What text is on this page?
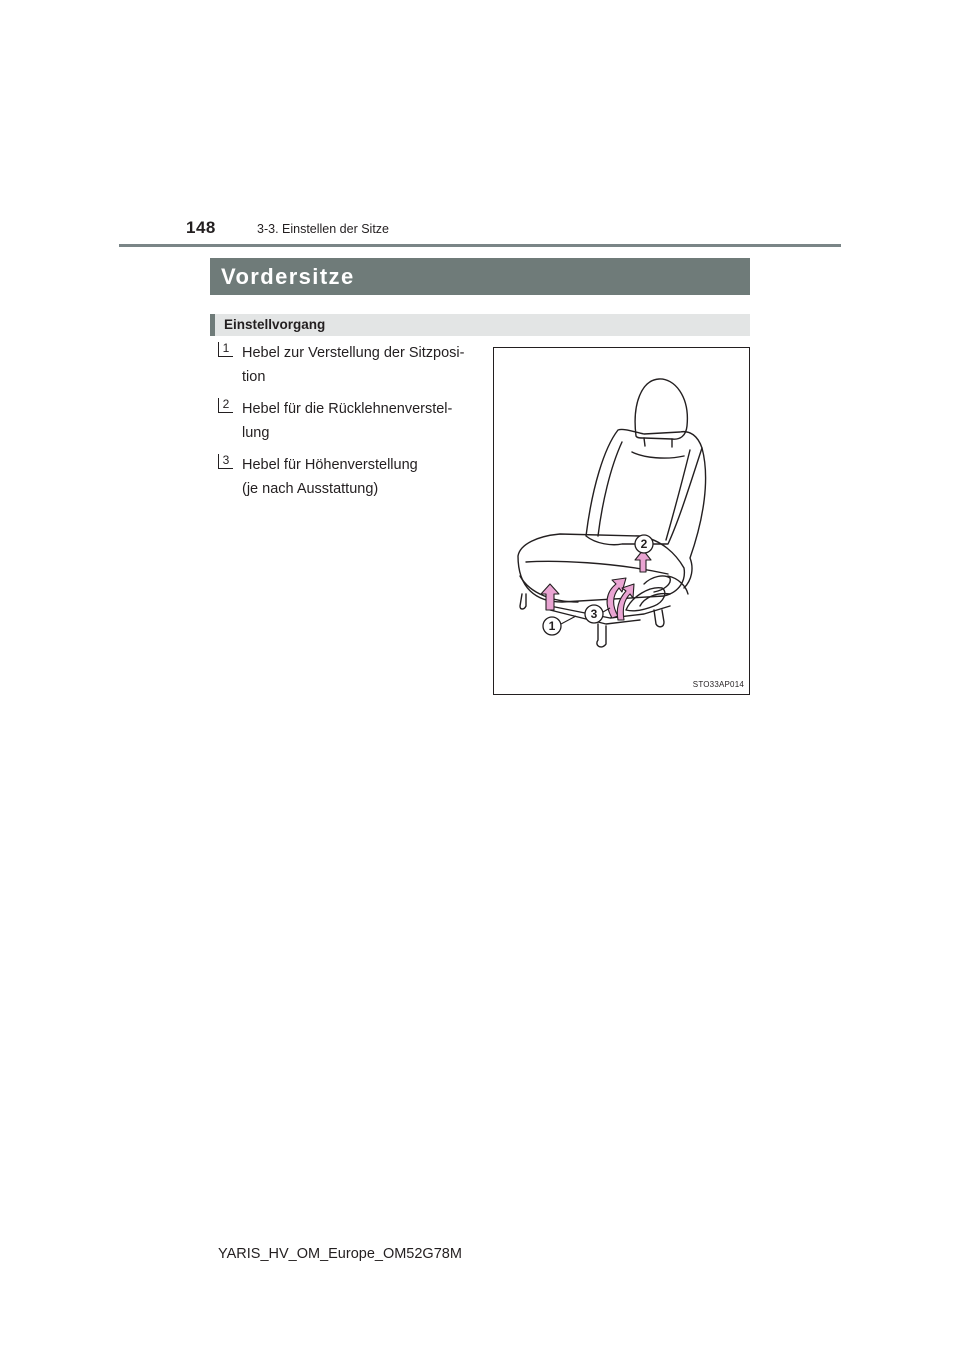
148	3-3. Einstellen der Sitze
Vordersitze
Einstellvorgang
1 Hebel zur Verstellung der Sitzposi-
tion
2 Hebel für die Rücklehnenverstel-
lung
3 Hebel für Höhenverstellung
(je nach Ausstattung)
1
2
3
STO33AP014
YARIS_HV_OM_Europe_OM52G78M
